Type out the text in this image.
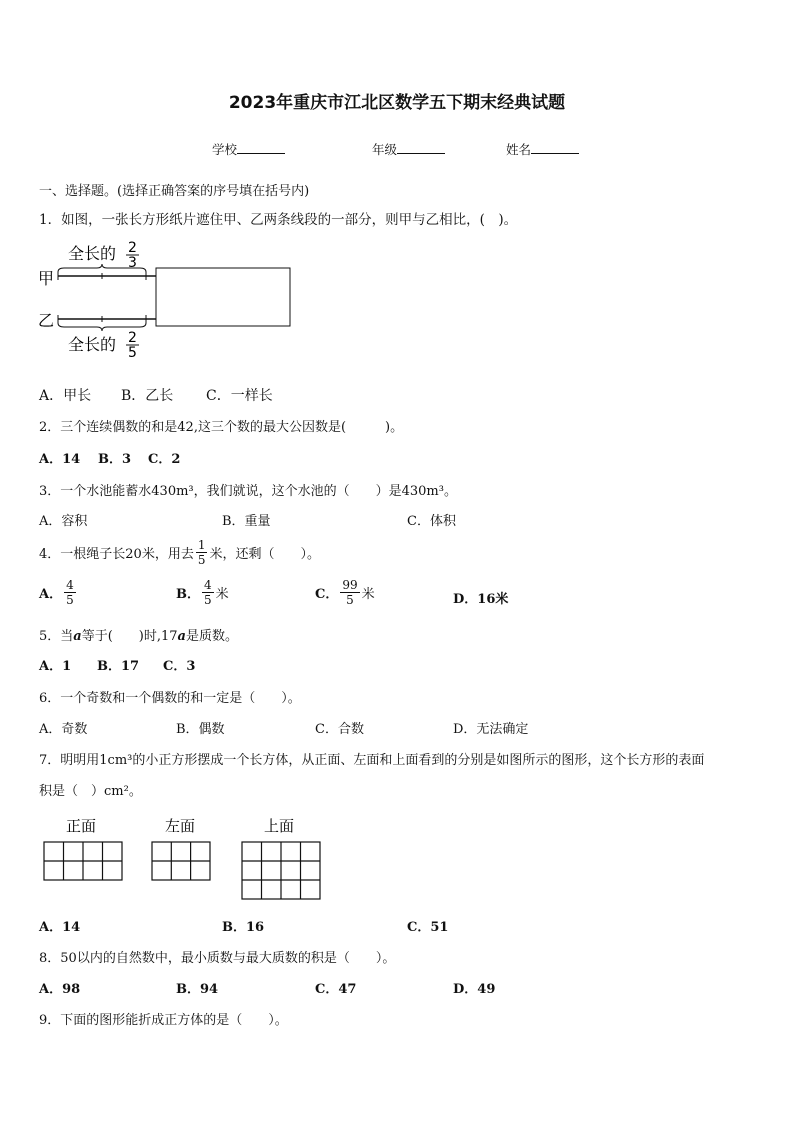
2023年重庆市江北区数学五下期末经典试题
学校	年级	姓名
一、选择题。(选择正确答案的序号填在括号内)
1．如图，一张长方形纸片遮住甲、乙两条线段的一部分，则甲与乙相比，(　)。
全长的 2
3
甲
乙
全长的 2
5
A．甲长 B．乙长 C．一样长
2．三个连续偶数的和是42,这三个数的最大公因数是(　　　)。
A．14 B．3 C．2
3．一个水池能蓄水430m³，我们就说，这个水池的（　　）是430m³。
A．容积	B．重量	C．体积
4．一根绳子长20米，用去 $\frac{1}{5}$ 米，还剩（　　）。
A． $\frac{4}{5}$	B． $\frac{4}{5}$ 米	C． $\frac{99}{5}$ 米	D．16米
5．当a等于(　　)时,17a是质数。
A．1 B．17 C．3
6．一个奇数和一个偶数的和一定是（　　）。
A．奇数	B．偶数	C．合数	D．无法确定
7．明明用1cm³的小正方形摆成一个长方体，从正面、左面和上面看到的分别是如图所示的图形，这个长方形的表面
积是（　）cm²。
正面	左面	上面
A．14	B．16	C．51
8．50以内的自然数中，最小质数与最大质数的积是（　　）。
A．98	B．94	C．47	D．49
9．下面的图形能折成正方体的是（　　）。
